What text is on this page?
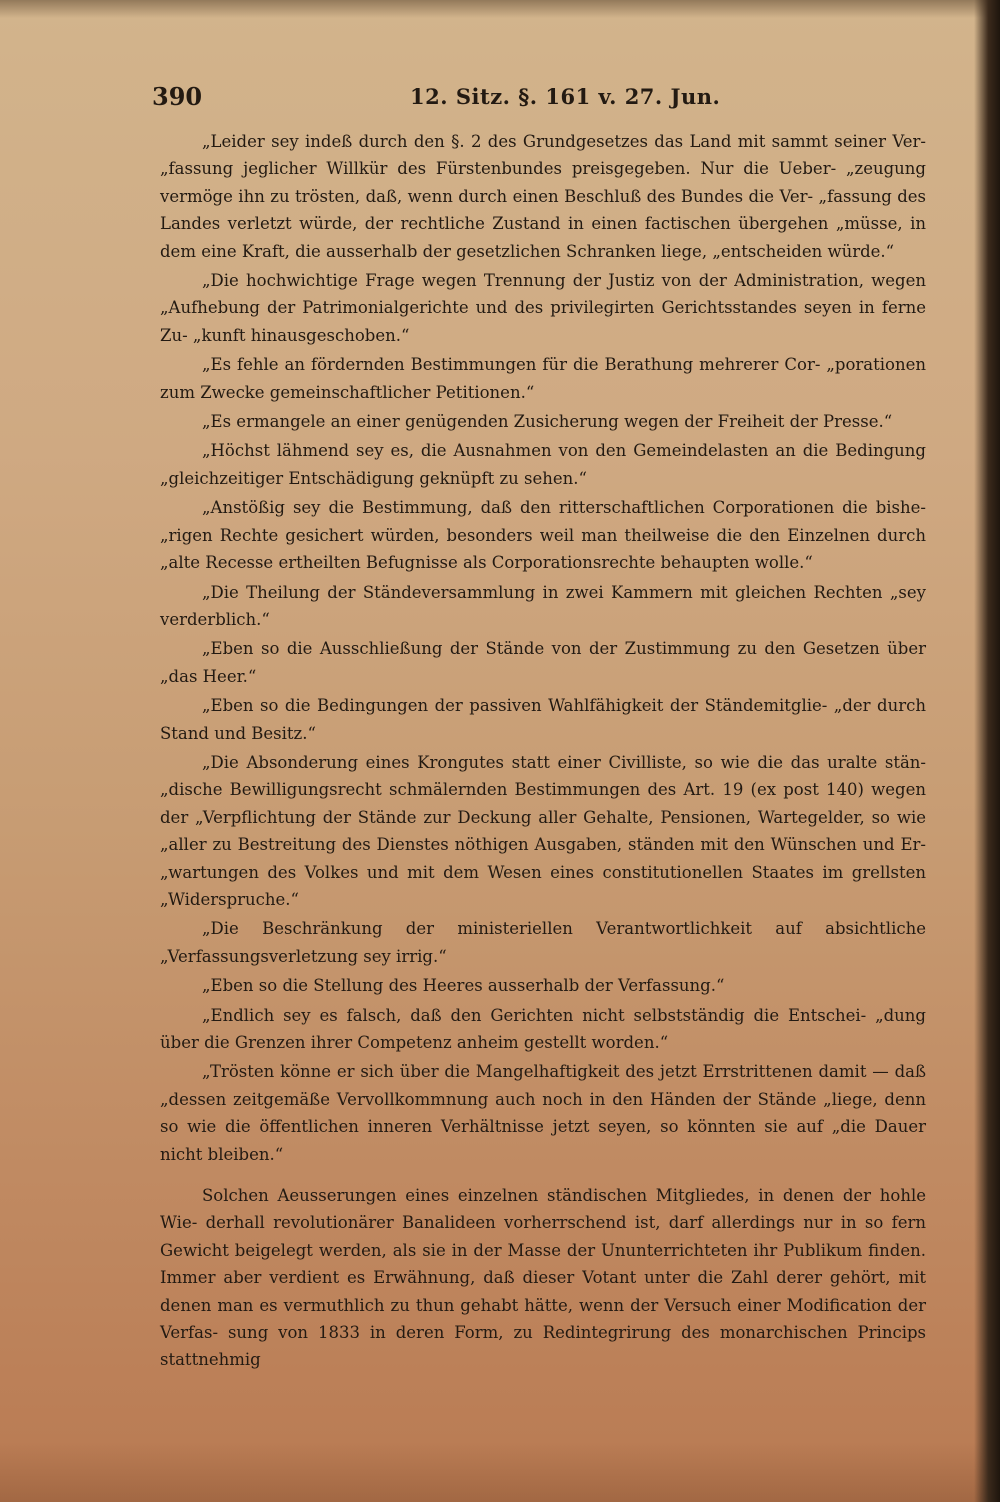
390	12. Sitz. §. 161 v. 27. Jun.

„Leider sey indeß durch den §. 2 des Grundgesetzes das Land mit sammt seiner Ver- „fassung jeglicher Willkür des Fürstenbundes preisgegeben. Nur die Ueber- „zeugung vermöge ihn zu trösten, daß, wenn durch einen Beschluß des Bundes die Ver- „fassung des Landes verletzt würde, der rechtliche Zustand in einen factischen übergehen „müsse, in dem eine Kraft, die ausserhalb der gesetzlichen Schranken liege, „entscheiden würde.“

„Die hochwichtige Frage wegen Trennung der Justiz von der Administration, wegen „Aufhebung der Patrimonialgerichte und des privilegirten Gerichtsstandes seyen in ferne Zu- „kunft hinausgeschoben.“

„Es fehle an fördernden Bestimmungen für die Berathung mehrerer Cor- „porationen zum Zwecke gemeinschaftlicher Petitionen.“

„Es ermangele an einer genügenden Zusicherung wegen der Freiheit der Presse.“

„Höchst lähmend sey es, die Ausnahmen von den Gemeindelasten an die Bedingung „gleichzeitiger Entschädigung geknüpft zu sehen.“

„Anstößig sey die Bestimmung, daß den ritterschaftlichen Corporationen die bishe- „rigen Rechte gesichert würden, besonders weil man theilweise die den Einzelnen durch „alte Recesse ertheilten Befugnisse als Corporationsrechte behaupten wolle.“

„Die Theilung der Ständeversammlung in zwei Kammern mit gleichen Rechten „sey verderblich.“

„Eben so die Ausschließung der Stände von der Zustimmung zu den Gesetzen über „das Heer.“

„Eben so die Bedingungen der passiven Wahlfähigkeit der Ständemitglie- „der durch Stand und Besitz.“

„Die Absonderung eines Krongutes statt einer Civilliste, so wie die das uralte stän- „dische Bewilligungsrecht schmälernden Bestimmungen des Art. 19 (ex post 140) wegen der „Verpflichtung der Stände zur Deckung aller Gehalte, Pensionen, Wartegelder, so wie „aller zu Bestreitung des Dienstes nöthigen Ausgaben, ständen mit den Wünschen und Er- „wartungen des Volkes und mit dem Wesen eines constitutionellen Staates im grellsten „Widerspruche.“

„Die Beschränkung der ministeriellen Verantwortlichkeit auf absichtliche „Verfassungsverletzung sey irrig.“

„Eben so die Stellung des Heeres ausserhalb der Verfassung.“

„Endlich sey es falsch, daß den Gerichten nicht selbstständig die Entschei- „dung über die Grenzen ihrer Competenz anheim gestellt worden.“

„Trösten könne er sich über die Mangelhaftigkeit des jetzt Errstrittenen damit — daß „dessen zeitgemäße Vervollkommnung auch noch in den Händen der Stände „liege, denn so wie die öffentlichen inneren Verhältnisse jetzt seyen, so könnten sie auf „die Dauer nicht bleiben.“

Solchen Aeusserungen eines einzelnen ständischen Mitgliedes, in denen der hohle Wie- derhall revolutionärer Banalideen vorherrschend ist, darf allerdings nur in so fern Gewicht beigelegt werden, als sie in der Masse der Ununterrichteten ihr Publikum finden. Immer aber verdient es Erwähnung, daß dieser Votant unter die Zahl derer gehört, mit denen man es vermuthlich zu thun gehabt hätte, wenn der Versuch einer Modification der Verfas- sung von 1833 in deren Form, zu Redintegrirung des monarchischen Princips stattnehmig
